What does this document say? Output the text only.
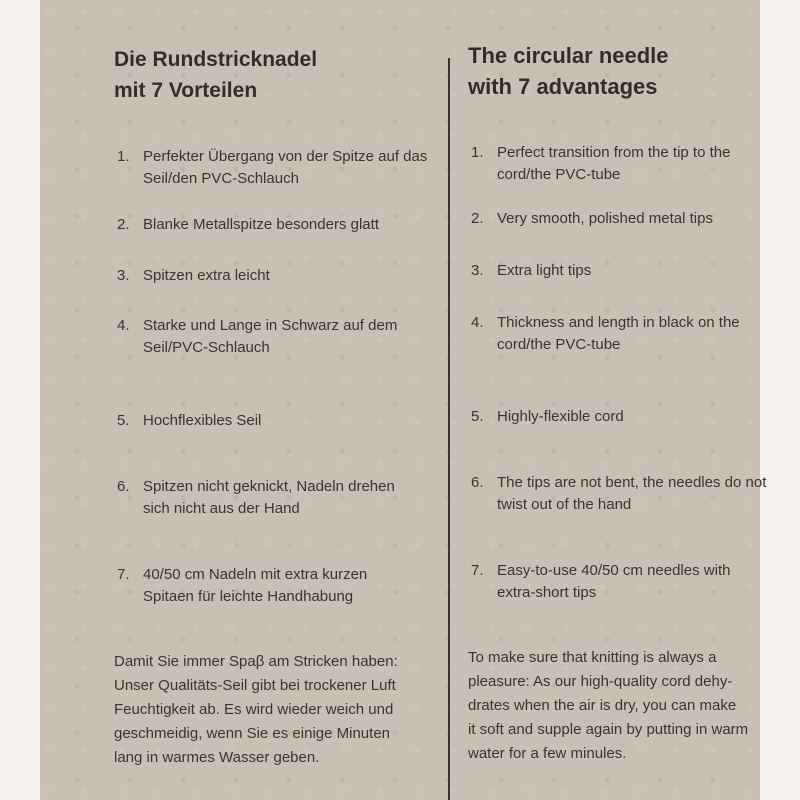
Die Rundstricknadel
mit 7 Vorteilen
1. Perfekter Übergang von der Spitze auf das Seil/den PVC-Schlauch
2. Blanke Metallspitze besonders glatt
3. Spitzen extra leicht
4. Starke und Lange in Schwarz auf dem Seil/PVC-Schlauch
5. Hochflexibles Seil
6. Spitzen nicht geknickt, Nadeln drehen sich nicht aus der Hand
7. 40/50 cm Nadeln mit extra kurzen Spitaen für leichte Handhabung
Damit Sie immer Spaβ am Stricken haben:
Unser Qualitäts-Seil gibt bei trockener Luft
Feuchtigkeit ab. Es wird wieder weich und
geschmeidig, wenn Sie es einige Minuten
lang in warmes Wasser geben.
The circular needle
with 7 advantages
1. Perfect transition from the tip to the cord/the PVC-tube
2. Very smooth, polished metal tips
3. Extra light tips
4. Thickness and length in black on the cord/the PVC-tube
5. Highly-flexible cord
6. The tips are not bent, the needles do not twist out of the hand
7. Easy-to-use 40/50 cm needles with extra-short tips
To make sure that knitting is always a
pleasure: As our high-quality cord dehy-
drates when the air is dry, you can make
it soft and supple again by putting in warm
water for a few minules.
